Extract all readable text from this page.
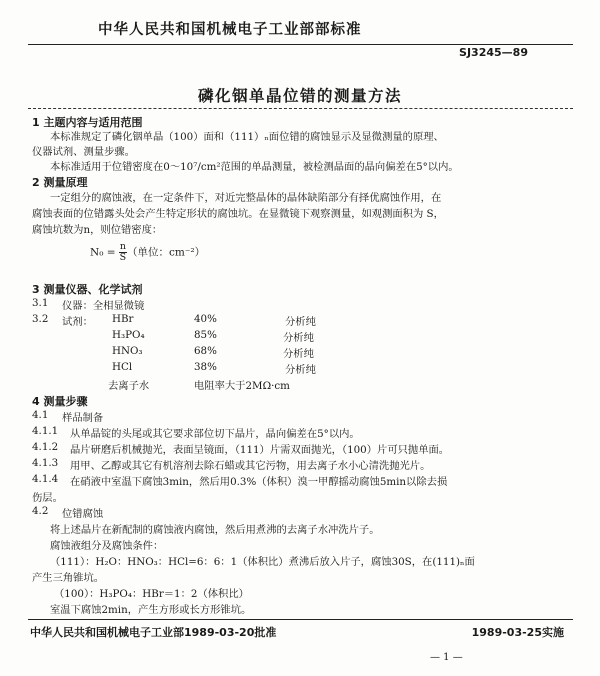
中华人民共和国机械电子工业部部标准
SJ3245—89
磷化铟单晶位错的测量方法
1 主题内容与适用范围
本标准规定了磷化铟单晶（100）面和（111）ₙ面位错的腐蚀显示及显微测量的原理、
仪器试剂、测量步骤。
本标准适用于位错密度在0～10⁷/cm²范围的单晶测量，被检测晶面的晶向偏差在5°以内。
2 测量原理
一定组分的腐蚀液，在一定条件下，对近完整晶体的晶体缺陷部分有择优腐蚀作用，在
腐蚀表面的位错露头处会产生特定形状的腐蚀坑。在显微镜下观察测量，如观测面积为 S，
腐蚀坑数为n，则位错密度：
$N_0 = \frac{n}{S}$ （单位：cm⁻²）
3 测量仪器、化学试剂
3.1 仪器：全相显微镜
3.2 试剂： HBr	40%	分析纯
H₃PO₄	85%	分析纯
HNO₃	68%	分析纯
HCl	38%	分析纯
去离子水	电阻率大于2MΩ·cm
4 测量步骤
4.1 样品制备
4.1.1 从单晶锭的头尾或其它要求部位切下晶片，晶向偏差在5°以内。
4.1.2 晶片研磨后机械抛光，表面呈镜面，（111）片需双面抛光，（100）片可只抛单面。
4.1.3 用甲、乙醇或其它有机溶剂去除石蜡或其它污物，用去离子水小心清洗抛光片。
4.1.4 在硝液中室温下腐蚀3min，然后用0.3%（体积）溴一甲醇摇动腐蚀5min以除去损
伤层。
4.2 位错腐蚀
将上述晶片在新配制的腐蚀液内腐蚀，然后用煮沸的去离子水冲洗片子。
腐蚀液组分及腐蚀条件：
（111）：H₂O：HNO₃：HCl=6：6：1（体积比）煮沸后放入片子，腐蚀30S，在(111)ₙ面
产生三角锥坑。
（100）：H₃PO₄：HBr＝1：2（体积比）
室温下腐蚀2min，产生方形或长方形锥坑。
中华人民共和国机械电子工业部1989-03-20批准	1989-03-25实施
— 1 —
